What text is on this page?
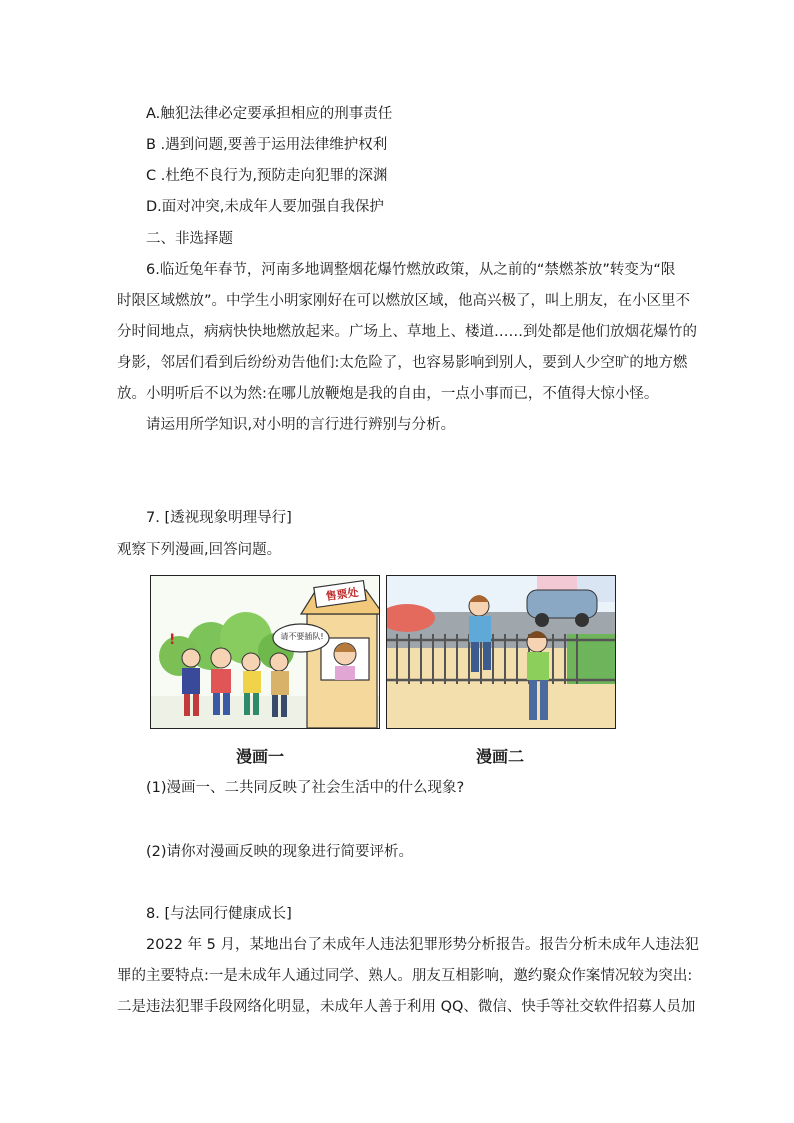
A.触犯法律必定要承担相应的刑事责任
B .遇到问题,要善于运用法律维护权利
C .杜绝不良行为,预防走向犯罪的深渊
D.面对冲突,未成年人要加强自我保护
二、非选择题
6.临近兔年春节，河南多地调整烟花爆竹燃放政策，从之前的“禁燃茶放”转变为“限
时限区域燃放”。中学生小明家刚好在可以燃放区域，他高兴极了，叫上朋友，在小区里不
分时间地点，病病快快地燃放起来。广场上、草地上、楼道……到处都是他们放烟花爆竹的
身影，邻居们看到后纷纷劝告他们:太危险了，也容易影响到别人，要到人少空旷的地方燃
放。小明听后不以为然:在哪儿放鞭炮是我的自由，一点小事而已，不值得大惊小怪。
请运用所学知识,对小明的言行进行辨别与分析。
7. [透视现象明理导行]
观察下列漫画,回答问题。
!
售票处
请不要插队!
漫画一	漫画二
(1)漫画一、二共同反映了社会生活中的什么现象?
(2)请你对漫画反映的现象进行简要评析。
8. [与法同行健康成长]
2022 年 5 月，某地出台了未成年人违法犯罪形势分析报告。报告分析未成年人违法犯
罪的主要特点:一是未成年人通过同学、熟人。朋友互相影响，邀约聚众作案情况较为突出:
二是违法犯罪手段网络化明显，未成年人善于利用 QQ、微信、快手等社交软件招募人员加
